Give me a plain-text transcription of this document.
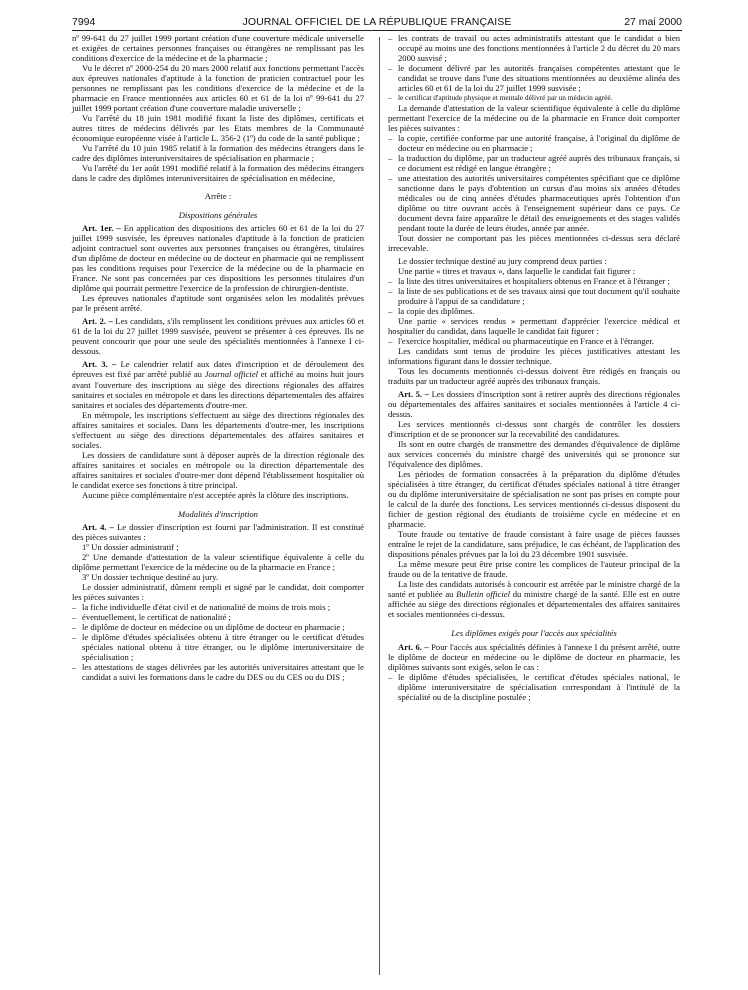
7994	JOURNAL OFFICIEL DE LA RÉPUBLIQUE FRANÇAISE	27 mai 2000

nº 99-641 du 27 juillet 1999 portant création d'une couverture médicale universelle et exigées de certaines personnes françaises ou étrangères ne remplissant pas les conditions d'exercice de la médecine et de la pharmacie ;

Vu le décret nº 2000-254 du 20 mars 2000 relatif aux fonctions permettant l'accès aux épreuves nationales d'aptitude à la fonction de praticien contractuel pour les personnes ne remplissant pas les conditions d'exercice de la médecine et de la pharmacie en France mentionnées aux articles 60 et 61 de la loi nº 99-641 du 27 juillet 1999 portant création d'une couverture maladie universelle ;

Vu l'arrêté du 18 juin 1981 modifié fixant la liste des diplômes, certificats et autres titres de médecins délivrés par les Etats membres de la Communauté économique européenne visée à l'article L. 356-2 (1º) du code de la santé publique ;

Vu l'arrêté du 10 juin 1985 relatif à la formation des médecins étrangers dans le cadre des diplômes interuniversitaires de spécialisation en pharmacie ;

Vu l'arrêté du 1er août 1991 modifié relatif à la formation des médecins étrangers dans le cadre des diplômes interuniversitaires de spécialisation en médecine,

Arrête :

Dispositions générales

Art. 1er. – En application des dispositions des articles 60 et 61 de la loi du 27 juillet 1999 susvisée, les épreuves nationales d'aptitude à la fonction de praticien adjoint contractuel sont ouvertes aux personnes françaises ou étrangères, titulaires d'un diplôme de docteur en médecine ou de docteur en pharmacie qui ne remplissent pas les conditions requises pour l'exercice de la médecine ou de la pharmacie en France. Ne sont pas concernées par ces dispositions les personnes titulaires d'un diplôme qui pourrait permettre l'exercice de la profession de chirurgien-dentiste.

Les épreuves nationales d'aptitude sont organisées selon les modalités prévues par le présent arrêté.

Art. 2. – Les candidats, s'ils remplissent les conditions prévues aux articles 60 et 61 de la loi du 27 juillet 1999 susvisée, peuvent se présenter à ces épreuves. Ils ne peuvent concourir que pour une seule des spécialités mentionnées à l'annexe I ci-dessous.

Art. 3. – Le calendrier relatif aux dates d'inscription et de déroulement des épreuves est fixé par arrêté publié au Journal officiel et affiché au moins huit jours avant l'ouverture des inscriptions au siège des directions régionales des affaires sanitaires et sociales en métropole et dans les directions départementales des affaires sanitaires et sociales des départements d'outre-mer.

En métropole, les inscriptions s'effectuent au siège des directions régionales des affaires sanitaires et sociales. Dans les départements d'outre-mer, les inscriptions s'effectuent au siège des directions départementales des affaires sanitaires et sociales.

Les dossiers de candidature sont à déposer auprès de la direction régionale des affaires sanitaires et sociales en métropole ou la direction départementale des affaires sanitaires et sociales d'outre-mer dont dépend l'établissement hospitalier où le candidat exerce ses fonctions à titre principal.

Aucune pièce complémentaire n'est acceptée après la clôture des inscriptions.

Modalités d'inscription

Art. 4. – Le dossier d'inscription est fourni par l'administration. Il est constitué des pièces suivantes :

1º Un dossier administratif ;

2º Une demande d'attestation de la valeur scientifique équivalente à celle du diplôme permettant l'exercice de la médecine ou de la pharmacie en France ;

3º Un dossier technique destiné au jury.

Le dossier administratif, dûment rempli et signé par le candidat, doit comporter les pièces suivantes :

– la fiche individuelle d'état civil et de nationalité de moins de trois mois ;

– éventuellement, le certificat de nationalité ;

– le diplôme de docteur en médecine ou un diplôme de docteur en pharmacie ;

– le diplôme d'études spécialisées obtenu à titre étranger ou le certificat d'études spéciales national obtenu à titre étranger, ou le diplôme interuniversitaire de spécialisation ;

– les attestations de stages délivrées par les autorités universitaires attestant que le candidat a suivi les formations dans le cadre du DES ou du CES ou du DIS ;

– les contrats de travail ou actes administratifs attestant que le candidat a bien occupé au moins une des fonctions mentionnées à l'article 2 du décret du 20 mars 2000 susvisé ;

– le document délivré par les autorités françaises compétentes attestant que le candidat se trouve dans l'une des situations mentionnées au deuxième alinéa des articles 60 et 61 de la loi du 27 juillet 1999 susvisée ;

– le certificat d'aptitude physique et mentale délivré par un médecin agréé.

La demande d'attestation de la valeur scientifique équivalente à celle du diplôme permettant l'exercice de la médecine ou de la pharmacie en France doit comporter les pièces suivantes :

– la copie, certifiée conforme par une autorité française, à l'original du diplôme de docteur en médecine ou en pharmacie ;

– la traduction du diplôme, par un traducteur agréé auprès des tribunaux français, si ce document est rédigé en langue étrangère ;

– une attestation des autorités universitaires compétentes spécifiant que ce diplôme sanctionne dans le pays d'obtention un cursus d'au moins six années d'études médicales ou de cinq années d'études pharmaceutiques après l'obtention d'un diplôme ou titre ouvrant accès à l'enseignement supérieur dans ce pays. Ce document devra faire apparaître le détail des enseignements et des stages validés pendant toute la durée de leurs études, année par année.

Tout dossier ne comportant pas les pièces mentionnées ci-dessus sera déclaré irrecevable.

Le dossier technique destiné au jury comprend deux parties :

Une partie « titres et travaux », dans laquelle le candidat fait figurer :

– la liste des titres universitaires et hospitaliers obtenus en France et à l'étranger ;

– la liste de ses publications et de ses travaux ainsi que tout document qu'il souhaite produire à l'appui de sa candidature ;

– la copie des diplômes.

Une partie « services rendus » permettant d'apprécier l'exercice médical et hospitalier du candidat, dans laquelle le candidat fait figurer :

– l'exercice hospitalier, médical ou pharmaceutique en France et à l'étranger.

Les candidats sont tenus de produire les pièces justificatives attestant les informations figurant dans le dossier technique.

Tous les documents mentionnés ci-dessus doivent être rédigés en français ou traduits par un traducteur agréé auprès des tribunaux français.

Art. 5. – Les dossiers d'inscription sont à retirer auprès des directions régionales ou départementales des affaires sanitaires et sociales mentionnées à l'article 4 ci-dessus.

Les services mentionnés ci-dessus sont chargés de contrôler les dossiers d'inscription et de se prononcer sur la recevabilité des candidatures.

Ils sont en outre chargés de transmettre des demandes d'équivalence de diplôme aux services concernés du ministre chargé des universités qui se prononce sur l'équivalence des diplômes.

Les périodes de formation consacrées à la préparation du diplôme d'études spécialisées à titre étranger, du certificat d'études spéciales national à titre étranger ou du diplôme interuniversitaire de spécialisation ne sont pas prises en compte pour le calcul de la durée des fonctions. Les services mentionnés ci-dessus disposent du fichier de gestion régional des étudiants de troisième cycle en médecine et en pharmacie.

Toute fraude ou tentative de fraude consistant à faire usage de pièces fausses entraîne le rejet de la candidature, sans préjudice, le cas échéant, de l'application des dispositions pénales prévues par la loi du 23 décembre 1901 susvisée.

La même mesure peut être prise contre les complices de l'auteur principal de la fraude ou de la tentative de fraude.

La liste des candidats autorisés à concourir est arrêtée par le ministre chargé de la santé et publiée au Bulletin officiel du ministre chargé de la santé. Elle est en outre affichée au siège des directions régionales et départementales des affaires sanitaires et sociales mentionnées ci-dessus.

Les diplômes exigés pour l'accès aux spécialités

Art. 6. – Pour l'accès aux spécialités définies à l'annexe I du présent arrêté, outre le diplôme de docteur en médecine ou le diplôme de docteur en pharmacie, les diplômes suivants sont exigés, selon le cas :

– le diplôme d'études spécialisées, le certificat d'études spéciales national, le diplôme interuniversitaire de spécialisation correspondant à l'intitulé de la spécialité ou de la discipline postulée ;
